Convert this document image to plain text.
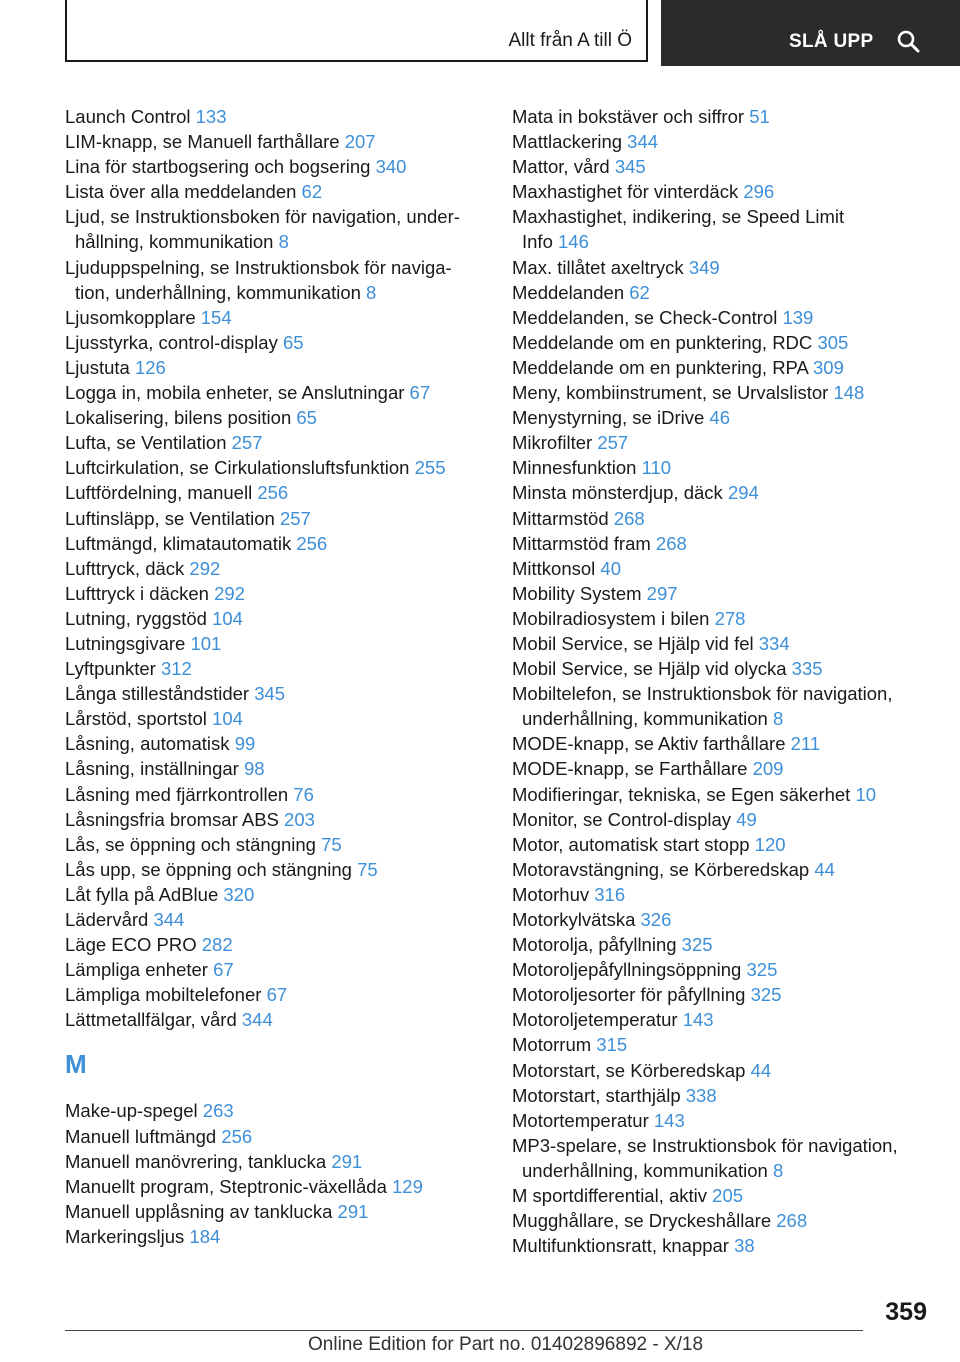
Allt från A till Ö	SLÅ UPP
Launch Control 133
LIM-knapp, se Manuell farthållare 207
Lina för startbogsering och bogsering 340
Lista över alla meddelanden 62
Ljud, se Instruktionsboken för navigation, under-
hållning, kommunikation 8
Ljuduppspelning, se Instruktionsbok för naviga-
tion, underhållning, kommunikation 8
Ljusomkopplare 154
Ljusstyrka, control-display 65
Ljustuta 126
Logga in, mobila enheter, se Anslutningar 67
Lokalisering, bilens position 65
Lufta, se Ventilation 257
Luftcirkulation, se Cirkulationsluftsfunktion 255
Luftfördelning, manuell 256
Luftinsläpp, se Ventilation 257
Luftmängd, klimatautomatik 256
Lufttryck, däck 292
Lufttryck i däcken 292
Lutning, ryggstöd 104
Lutningsgivare 101
Lyftpunkter 312
Långa stilleståndstider 345
Lårstöd, sportstol 104
Låsning, automatisk 99
Låsning, inställningar 98
Låsning med fjärrkontrollen 76
Låsningsfria bromsar ABS 203
Lås, se öppning och stängning 75
Lås upp, se öppning och stängning 75
Låt fylla på AdBlue 320
Lädervård 344
Läge ECO PRO 282
Lämpliga enheter 67
Lämpliga mobiltelefoner 67
Lättmetallfälgar, vård 344
M
Make-up-spegel 263
Manuell luftmängd 256
Manuell manövrering, tanklucka 291
Manuellt program, Steptronic-växellåda 129
Manuell uppl​åsning av tanklucka 291
Markeringsljus 184
Mata in bokstäver och siffror 51
Mattlackering 344
Mattor, vård 345
Maxhastighet för vinterdäck 296
Maxhastighet, indikering, se Speed Limit
Info 146
Max. tillåtet axeltryck 349
Meddelanden 62
Meddelanden, se Check-Control 139
Meddelande om en punktering, RDC 305
Meddelande om en punktering, RPA 309
Meny, kombiinstrument, se Urvalslistor 148
Menystyrning, se iDrive 46
Mikrofilter 257
Minnesfunktion 110
Minsta mönsterdjup, däck 294
Mittarmstöd 268
Mittarmstöd fram 268
Mittkonsol 40
Mobility System 297
Mobilradiosystem i bilen 278
Mobil Service, se Hjälp vid fel 334
Mobil Service, se Hjälp vid olycka 335
Mobiltelefon, se Instruktionsbok för navigation,
underhållning, kommunikation 8
MODE-knapp, se Aktiv farthållare 211
MODE-knapp, se Farthållare 209
Modifieringar, tekniska, se Egen säkerhet 10
Monitor, se Control-display 49
Motor, automatisk start stopp 120
Motoravstängning, se Körberedskap 44
Motorhuv 316
Motorkylvätska 326
Motorolja, påfyllning 325
Motoroljepåfyllningsöppning 325
Motoroljesorter för påfyllning 325
Motoroljetemperatur 143
Motorrum 315
Motorstart, se Körberedskap 44
Motorstart, starthjälp 338
Motortemperatur 143
MP3-spelare, se Instruktionsbok för navigation,
underhållning, kommunikation 8
M sportdifferential, aktiv 205
Mugghållare, se Dryckeshållare 268
Multifunktionsratt, knappar 38
359
Online Edition for Part no. 01402896892 - X/18
